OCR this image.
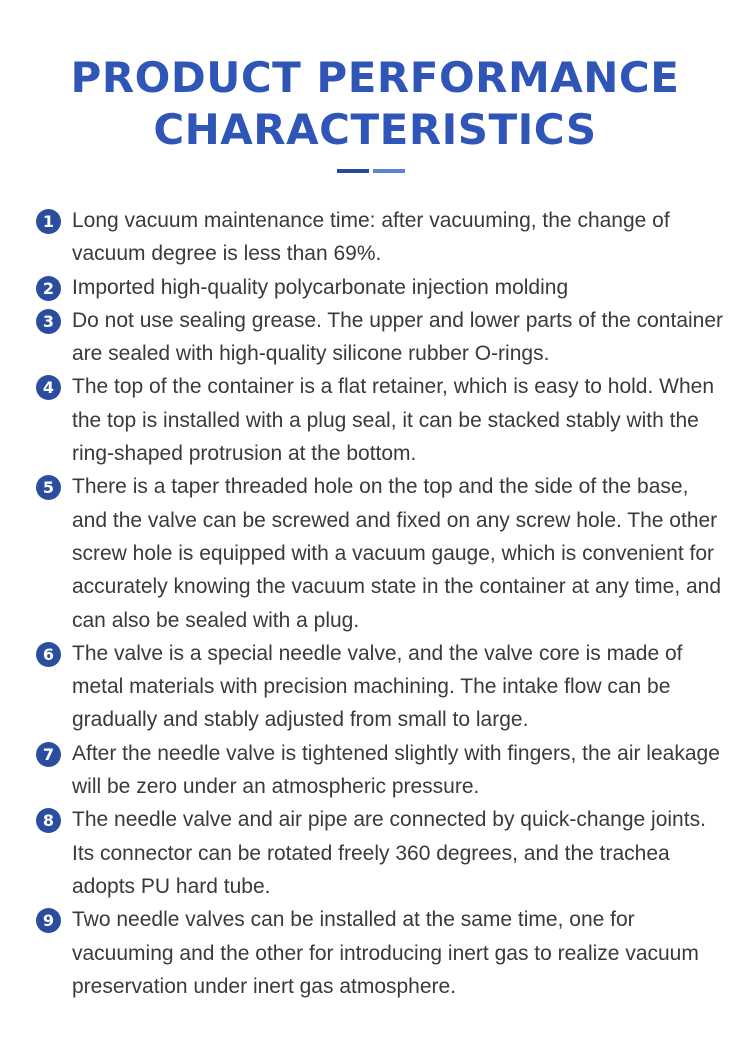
PRODUCT PERFORMANCE
CHARACTERISTICS
1 Long vacuum maintenance time: after vacuuming, the change of vacuum degree is less than 69%.
2 Imported high-quality polycarbonate injection molding
3 Do not use sealing grease. The upper and lower parts of the container are sealed with high-quality silicone rubber O-rings.
4 The top of the container is a flat retainer, which is easy to hold. When the top is installed with a plug seal, it can be stacked stably with the ring-shaped protrusion at the bottom.
5 There is a taper threaded hole on the top and the side of the base, and the valve can be screwed and fixed on any screw hole. The other screw hole is equipped with a vacuum gauge, which is convenient for accurately knowing the vacuum state in the container at any time, and can also be sealed with a plug.
6 The valve is a special needle valve, and the valve core is made of metal materials with precision machining. The intake flow can be gradually and stably adjusted from small to large.
7 After the needle valve is tightened slightly with fingers, the air leakage will be zero under an atmospheric pressure.
8 The needle valve and air pipe are connected by quick-change joints. Its connector can be rotated freely 360 degrees, and the trachea adopts PU hard tube.
9 Two needle valves can be installed at the same time, one for vacuuming and the other for introducing inert gas to realize vacuum preservation under inert gas atmosphere.
